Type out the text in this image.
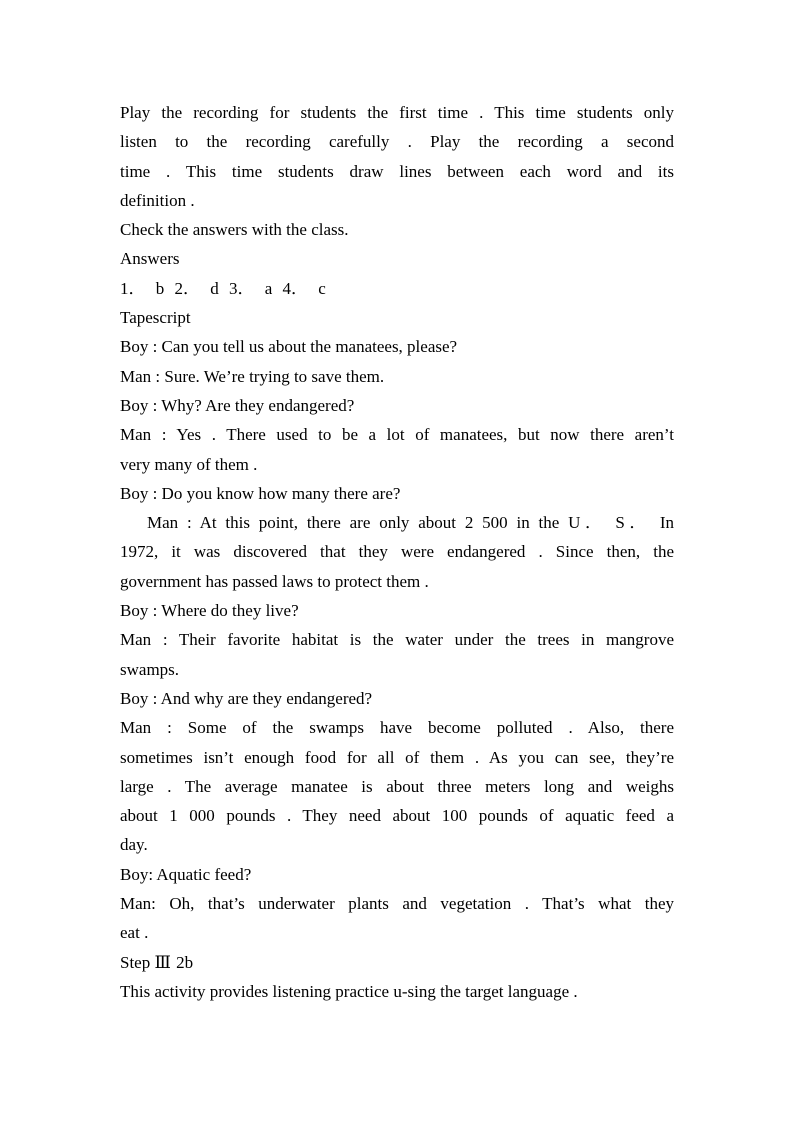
Play the recording for students the first time . This time students only

listen to the recording carefully . Play the recording a second

time . This time students draw lines between each word and its

definition .

Check the answers with the class.

Answers

1． b 2． d 3． a 4． c

Tapescript

Boy : Can you tell us about the manatees, please?

Man : Sure. We’re trying to save them.

Boy : Why? Are they endangered?

Man : Yes . There used to be a lot of manatees, but now there aren’t

very many of them .

Boy : Do you know how many there are?

Man : At this point, there are only about 2 500 in the U． S． In

1972, it was discovered that they were endangered . Since then, the

government has passed laws to protect them .

Boy : Where do they live?

Man : Their favorite habitat is the water under the trees in mangrove

swamps.

Boy : And why are they endangered?

Man : Some of the swamps have become polluted . Also, there

sometimes isn’t enough food for all of them . As you can see, they’re

large . The average manatee is about three meters long and weighs

about 1 000 pounds . They need about 100 pounds of aquatic feed a

day.

Boy: Aquatic feed?

Man: Oh, that’s underwater plants and vegetation . That’s what they

eat .

Step Ⅲ 2b

This activity provides listening practice u-sing the target language .
